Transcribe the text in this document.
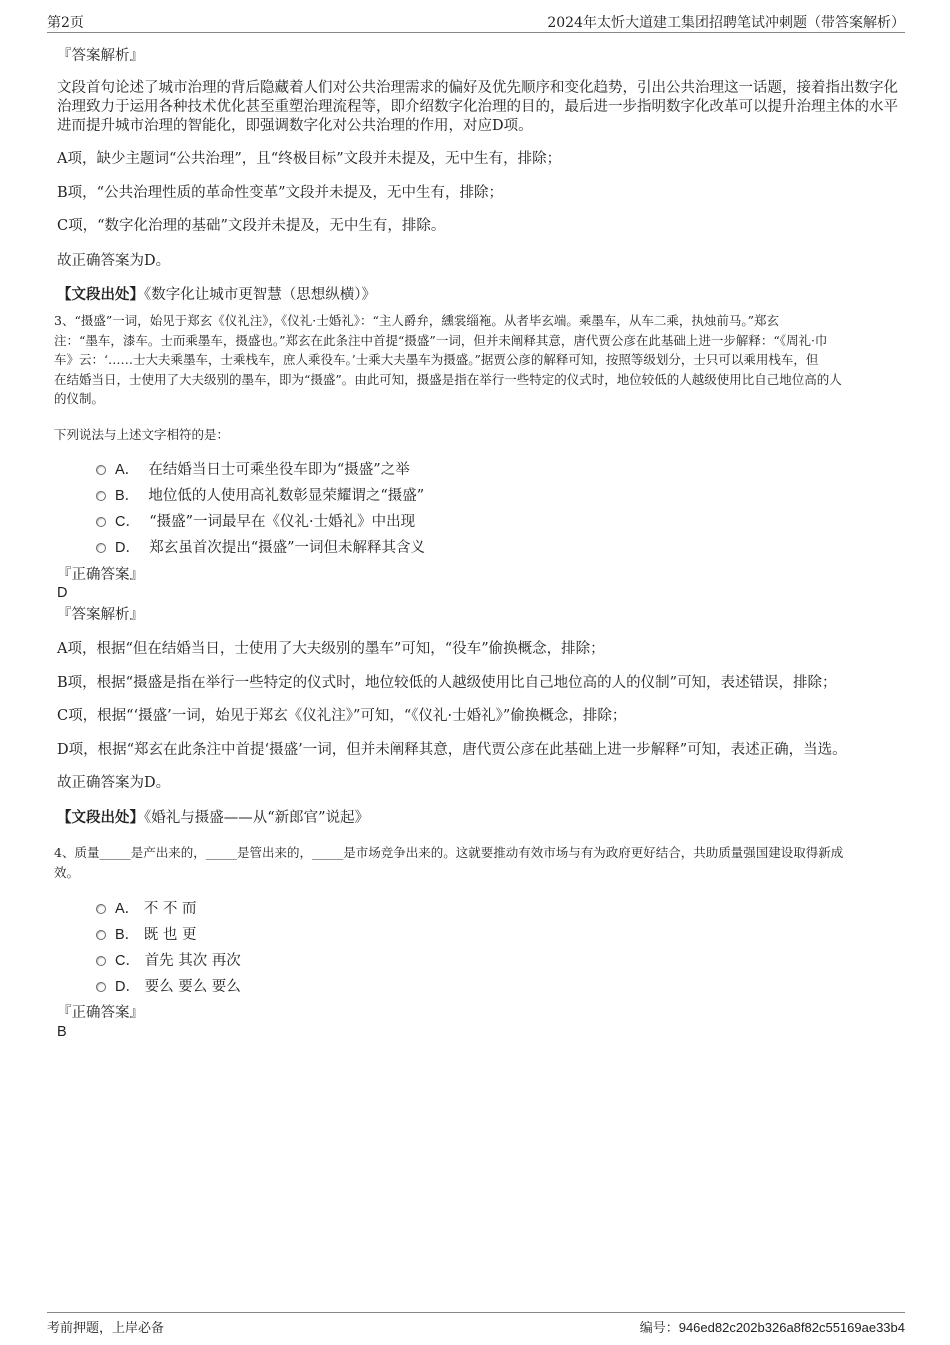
第2页	2024年太忻大道建工集团招聘笔试冲刺题（带答案解析）
『答案解析』
文段首句论述了城市治理的背后隐藏着人们对公共治理需求的偏好及优先顺序和变化趋势，引出公共治理这一话题，接着指出数字化治理致力于运用各种技术优化甚至重塑治理流程等，即介绍数字化治理的目的，最后进一步指明数字化改革可以提升治理主体的水平进而提升城市治理的智能化，即强调数字化对公共治理的作用，对应D项。
A项，缺少主题词“公共治理”，且“终极目标”文段并未提及，无中生有，排除；
B项，“公共治理性质的革命性变革”文段并未提及，无中生有，排除；
C项，“数字化治理的基础”文段并未提及，无中生有，排除。
故正确答案为D。
【文段出处】《数字化让城市更智慧（思想纵横）》
3、“摄盛”一词，始见于郑玄《仪礼注》，《仪礼·士婚礼》：“主人爵弁，纁裳缁袘。从者毕玄端。乘墨车，从车二乘，执烛前马。”郑玄
注：“墨车，漆车。士而乘墨车，摄盛也。”郑玄在此条注中首提“摄盛”一词，但并未阐释其意，唐代贾公彦在此基础上进一步解释：“《周礼·巾
车》云：‘……士大夫乘墨车，士乘栈车，庶人乘役车。’士乘大夫墨车为摄盛。”据贾公彦的解释可知，按照等级划分，士只可以乘用栈车，但
在结婚当日，士使用了大夫级别的墨车，即为“摄盛”。由此可知，摄盛是指在举行一些特定的仪式时，地位较低的人越级使用比自己地位高的人
的仪制。
下列说法与上述文字相符的是：
A． 在结婚当日士可乘坐役车即为“摄盛”之举
B． 地位低的人使用高礼数彰显荣耀谓之“摄盛”
C． “摄盛”一词最早在《仪礼·士婚礼》中出现
D． 郑玄虽首次提出“摄盛”一词但未解释其含义
『正确答案』
D
『答案解析』
A项，根据“但在结婚当日，士使用了大夫级别的墨车”可知，“役车”偷换概念，排除；
B项，根据“摄盛是指在举行一些特定的仪式时，地位较低的人越级使用比自己地位高的人的仪制”可知，表述错误，排除；
C项，根据“‘摄盛’一词，始见于郑玄《仪礼注》”可知，“《仪礼·士婚礼》”偷换概念，排除；
D项，根据“郑玄在此条注中首提‘摄盛’一词，但并未阐释其意，唐代贾公彦在此基础上进一步解释”可知，表述正确，当选。
故正确答案为D。
【文段出处】《婚礼与摄盛——从“新郎官”说起》
4、质量_____是产出来的，_____是管出来的，_____是市场竞争出来的。这就要推动有效市场与有为政府更好结合，共助质量强国建设取得新成
效。
A． 不 不 而
B． 既 也 更
C． 首先 其次 再次
D． 要么 要么 要么
『正确答案』
B
考前押题，上岸必备	编号：946ed82c202b326a8f82c55169ae33b4
